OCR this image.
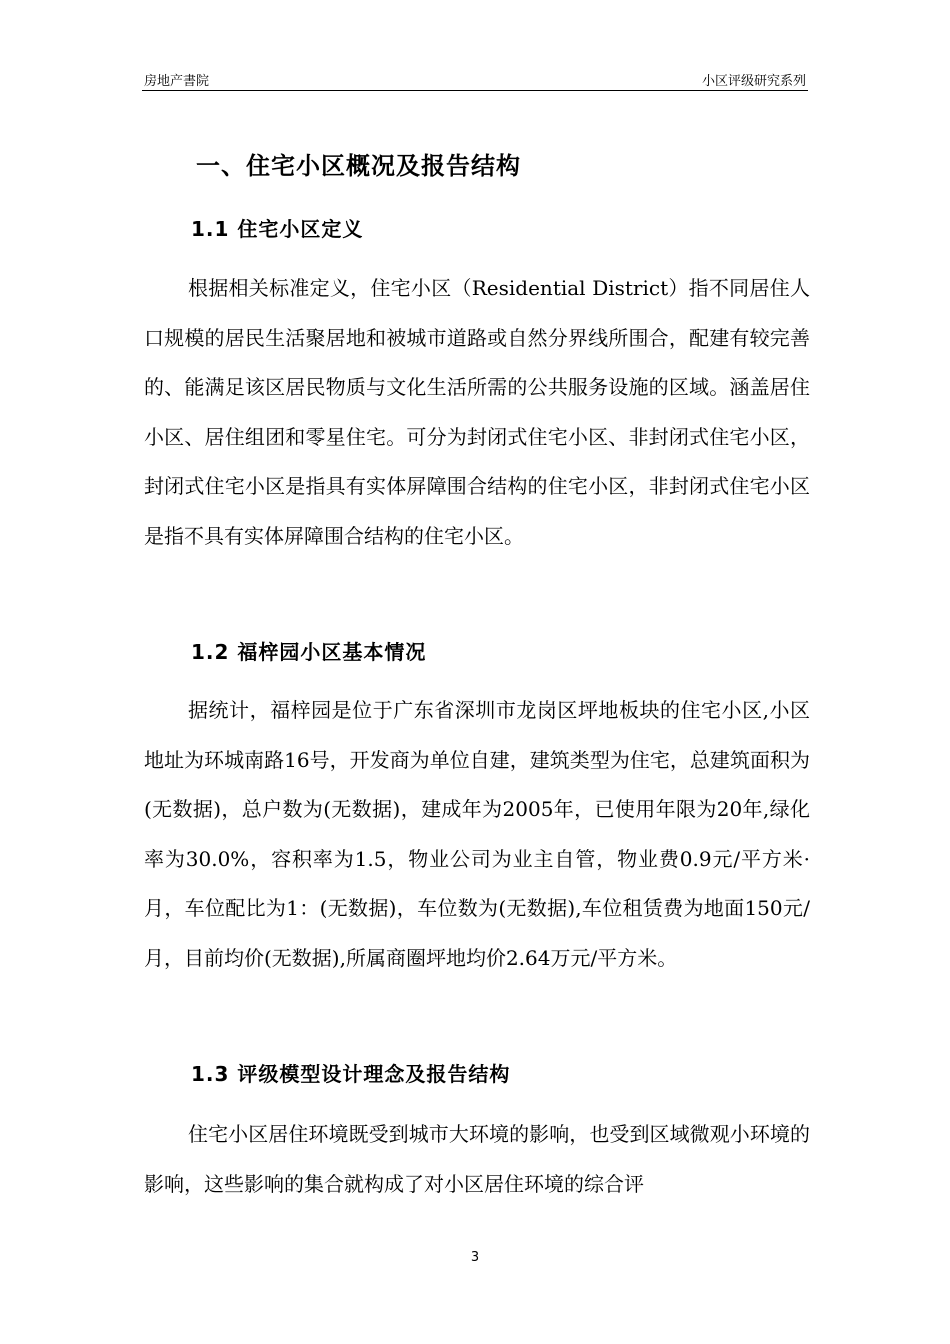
房地产書院	小区评级研究系列
一、住宅小区概况及报告结构
1.1 住宅小区定义
根据相关标准定义，住宅小区（Residential District）指不同居住人口规模的居民生活聚居地和被城市道路或自然分界线所围合，配建有较完善的、能满足该区居民物质与文化生活所需的公共服务设施的区域。涵盖居住小区、居住组团和零星住宅。可分为封闭式住宅小区、非封闭式住宅小区，封闭式住宅小区是指具有实体屏障围合结构的住宅小区，非封闭式住宅小区是指不具有实体屏障围合结构的住宅小区。
1.2 福梓园小区基本情况
据统计，福梓园是位于广东省深圳市龙岗区坪地板块的住宅小区,小区地址为环城南路16号，开发商为单位自建，建筑类型为住宅，总建筑面积为(无数据)，总户数为(无数据)，建成年为2005年，已使用年限为20年,绿化率为30.0%，容积率为1.5，物业公司为业主自管，物业费0.9元/平方米·月，车位配比为1：(无数据)，车位数为(无数据),车位租赁费为地面150元/月，目前均价(无数据),所属商圈坪地均价2.64万元/平方米。
1.3 评级模型设计理念及报告结构
住宅小区居住环境既受到城市大环境的影响，也受到区域微观小环境的影响，这些影响的集合就构成了对小区居住环境的综合评
3
